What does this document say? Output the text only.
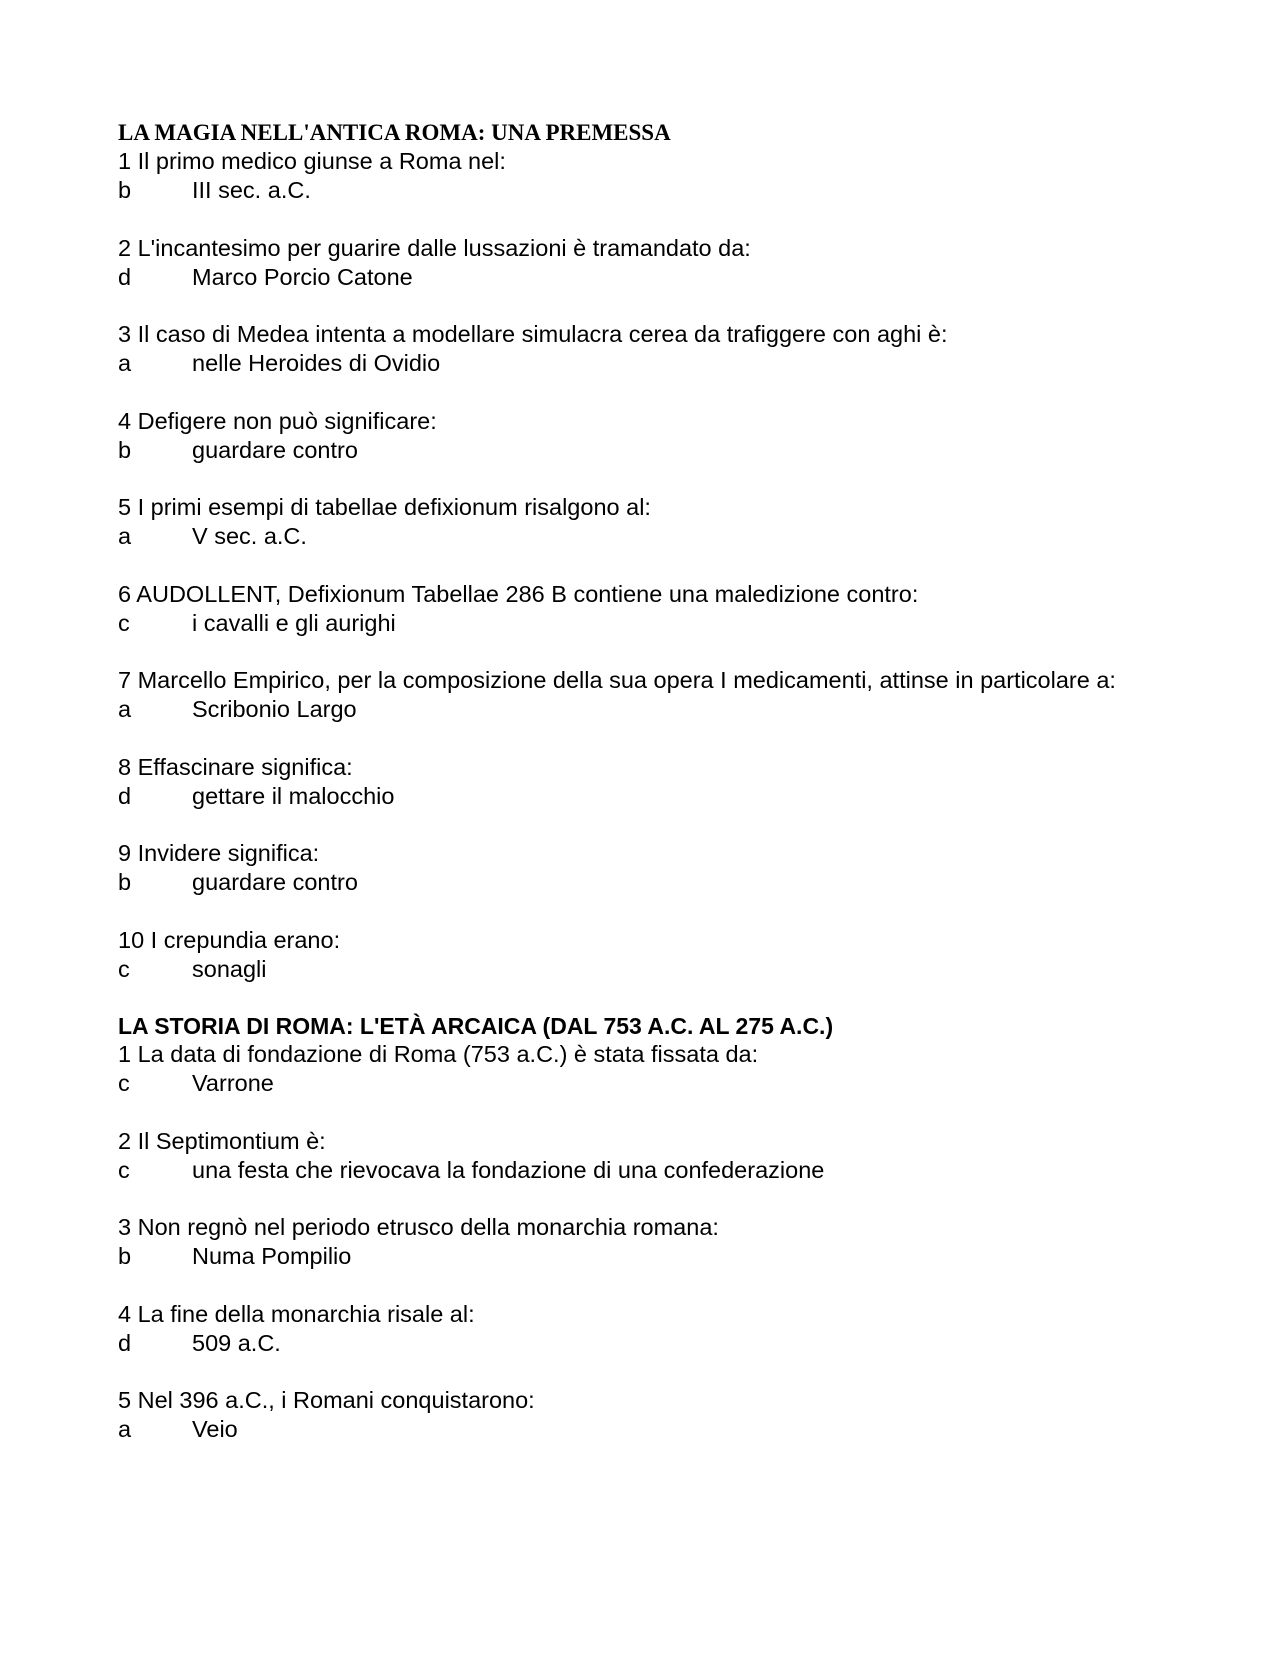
LA MAGIA NELL'ANTICA ROMA: UNA PREMESSA
1 Il primo medico giunse a Roma nel:
b	III sec. a.C.
2 L'incantesimo per guarire dalle lussazioni è tramandato da:
d	Marco Porcio Catone
3 Il caso di Medea intenta a modellare simulacra cerea da trafiggere con aghi è:
a	nelle Heroides di Ovidio
4 Defigere non può significare:
b	guardare contro
5 I primi esempi di tabellae defixionum risalgono al:
a	V sec. a.C.
6 AUDOLLENT, Defixionum Tabellae 286 B contiene una maledizione contro:
c	i cavalli e gli aurighi
7 Marcello Empirico, per la composizione della sua opera I medicamenti, attinse in particolare a:
a	Scribonio Largo
8 Effascinare significa:
d	gettare il malocchio
9 Invidere significa:
b	guardare contro
10 I crepundia erano:
c	sonagli
LA STORIA DI ROMA: L'ETÀ ARCAICA (DAL 753 A.C. AL 275 A.C.)
1 La data di fondazione di Roma (753 a.C.) è stata fissata da:
c	Varrone
2 Il Septimontium è:
c	una festa che rievocava la fondazione di una confederazione
3 Non regnò nel periodo etrusco della monarchia romana:
b	Numa Pompilio
4 La fine della monarchia risale al:
d	509 a.C.
5 Nel 396 a.C., i Romani conquistarono:
a	Veio
